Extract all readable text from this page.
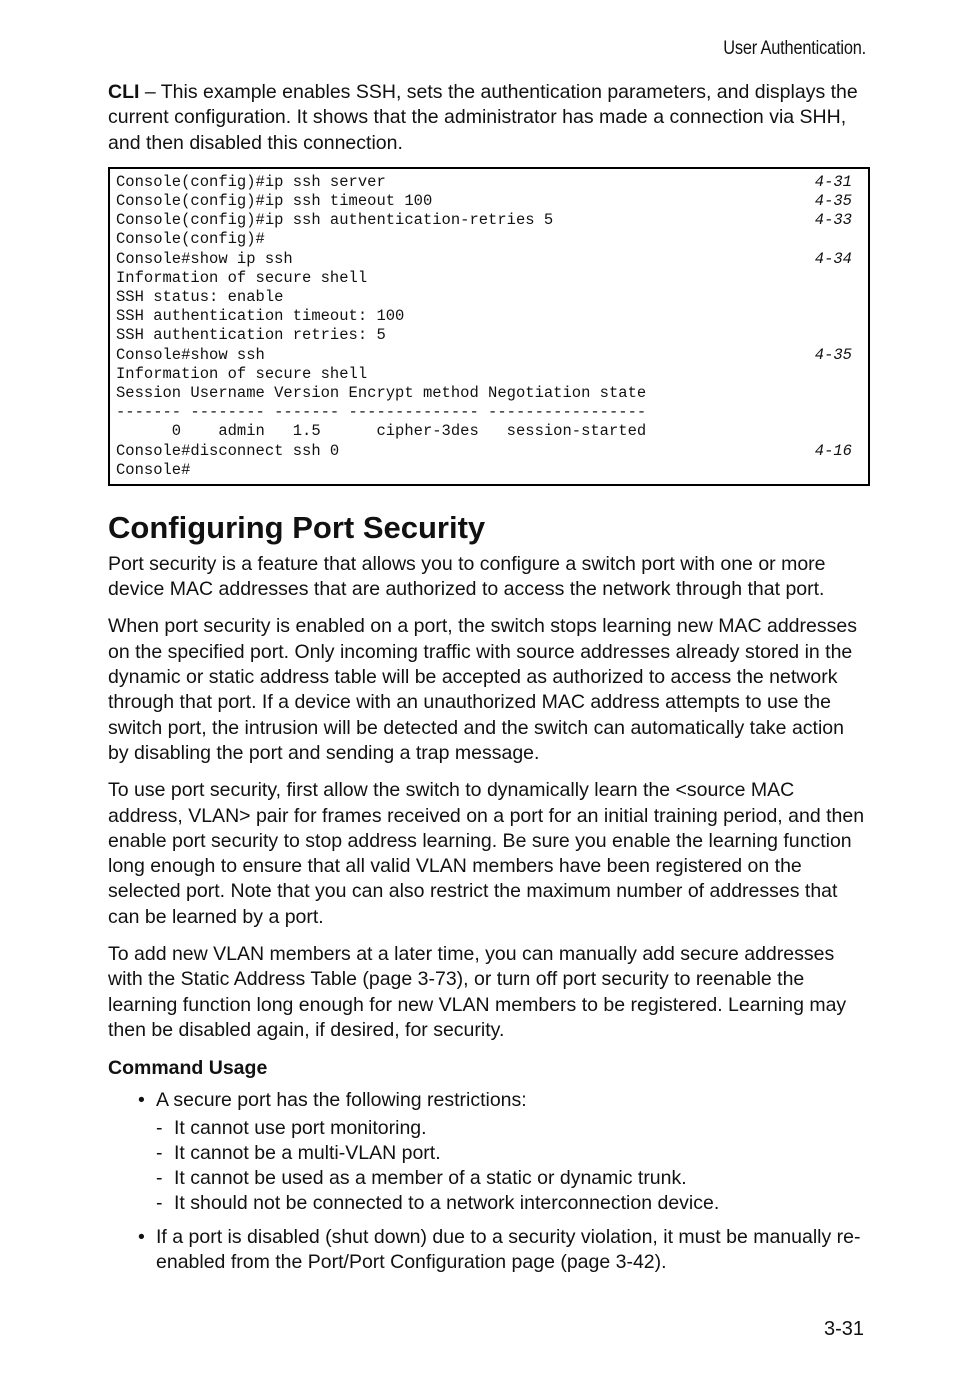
User Authentication.

CLI – This example enables SSH, sets the authentication parameters, and displays the current configuration. It shows that the administrator has made a connection via SHH, and then disabled this connection.

Console(config)#ip ssh server	4-31
Console(config)#ip ssh timeout 100	4-35
Console(config)#ip ssh authentication-retries 5	4-33
Console(config)#
Console#show ip ssh	4-34
Information of secure shell
SSH status: enable
SSH authentication timeout: 100
SSH authentication retries: 5
Console#show ssh	4-35
Information of secure shell
Session Username Version Encrypt method Negotiation state
------- -------- ------- -------------- -----------------
0    admin   1.5      cipher-3des   session-started
Console#disconnect ssh 0	4-16
Console#
Configuring Port Security

Port security is a feature that allows you to configure a switch port with one or more device MAC addresses that are authorized to access the network through that port.

When port security is enabled on a port, the switch stops learning new MAC addresses on the specified port. Only incoming traffic with source addresses already stored in the dynamic or static address table will be accepted as authorized to access the network through that port. If a device with an unauthorized MAC address attempts to use the switch port, the intrusion will be detected and the switch can automatically take action by disabling the port and sending a trap message.

To use port security, first allow the switch to dynamically learn the <source MAC address, VLAN> pair for frames received on a port for an initial training period, and then enable port security to stop address learning. Be sure you enable the learning function long enough to ensure that all valid VLAN members have been registered on the selected port. Note that you can also restrict the maximum number of addresses that can be learned by a port.

To add new VLAN members at a later time, you can manually add secure addresses with the Static Address Table (page 3-73), or turn off port security to reenable the learning function long enough for new VLAN members to be registered. Learning may then be disabled again, if desired, for security.

Command Usage
• A secure port has the following restrictions:
- It cannot use port monitoring.
- It cannot be a multi-VLAN port.
- It cannot be used as a member of a static or dynamic trunk.
- It should not be connected to a network interconnection device.
• If a port is disabled (shut down) due to a security violation, it must be manually re-enabled from the Port/Port Configuration page (page 3-42).
3-31
